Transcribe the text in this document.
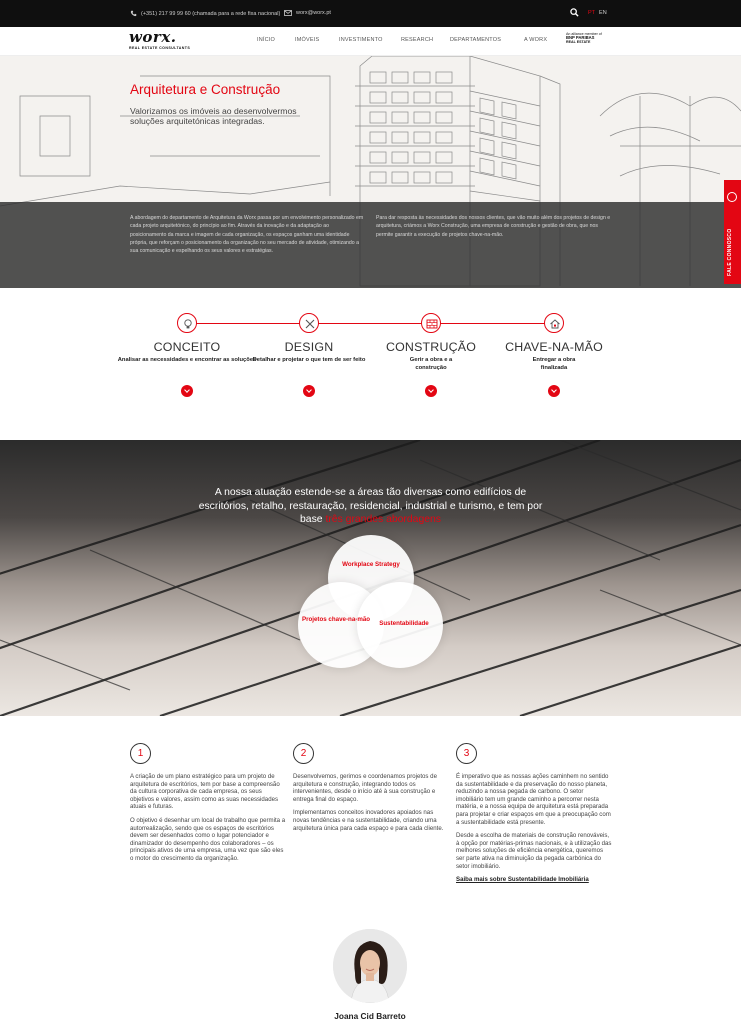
(+351) 217 99 99 60 (chamada para a rede fixa nacional)	worx@worx.pt	PT EN
worx.
REAL ESTATE CONSULTANTS
INÍCIO	IMÓVEIS	INVESTIMENTO	RESEARCH	DEPARTAMENTOS	A WORX
An alliance member of
BNP PARIBAS
REAL ESTATE
Arquitetura e Construção
Valorizamos os imóveis ao desenvolvermos soluções arquitetónicas integradas.
A abordagem do departamento de Arquitetura da Worx passa por um envolvimento personalizado em cada projeto arquitetónico, do princípio ao fim. Através da inovação e da adaptação ao posicionamento da marca e imagem de cada organização, os espaços ganham uma identidade própria, que reforçam o posicionamento da organização no seu mercado de atividade, otimizando a sua comunicação e espelhando os seus valores e estratégias.
Para dar resposta às necessidades dos nossos clientes, que vão muito além dos projetos de design e arquitetura, criámos a Worx Construção, uma empresa de construção e gestão de obra, que nos permite garantir a execução de projetos chave-na-mão.	FALE CONNOSCO
CONCEITO
Analisar as necessidades e encontrar as soluções
DESIGN
Detalhar e projetar o que tem de ser feito
CONSTRUÇÃO
Gerir a obra e a construção
CHAVE-NA-MÃO
Entregar a obra finalizada
A nossa atuação estende-se a áreas tão diversas como edifícios de escritórios, retalho, restauração, residencial, industrial e turismo, e tem por base três grandes abordagens
Workplace Strategy
Projetos chave-na-mão
Sustentabilidade
1

A criação de um plano estratégico para um projeto de arquitetura de escritórios, tem por base a compreensão da cultura corporativa de cada empresa, os seus objetivos e valores, assim como as suas necessidades atuais e futuras.

O objetivo é desenhar um local de trabalho que permita a autorrealização, sendo que os espaços de escritórios devem ser desenhados como o lugar potenciador e dinamizador do desempenho dos colaboradores – os principais ativos de uma empresa, uma vez que são eles o motor do crescimento da organização.

2

Desenvolvemos, gerimos e coordenamos projetos de arquitetura e construção, integrando todos os intervenientes, desde o início até à sua construção e entrega final do espaço.

Implementamos conceitos inovadores apoiados nas novas tendências e na sustentabilidade, criando uma arquitetura única para cada espaço e para cada cliente.

3

É imperativo que as nossas ações caminhem no sentido da sustentabilidade e da preservação do nosso planeta, reduzindo a nossa pegada de carbono. O setor imobiliário tem um grande caminho a percorrer nesta matéria, e a nossa equipa de arquitetura está preparada para projetar e criar espaços em que a preocupação com a sustentabilidade está presente.

Desde a escolha de materiais de construção renováveis, à opção por matérias-primas nacionais, e à utilização das melhores soluções de eficiência energética, queremos ser parte ativa na diminuição da pegada carbónica do setor imobiliário.

Saiba mais sobre Sustentabilidade Imobiliária
Joana Cid Barreto
